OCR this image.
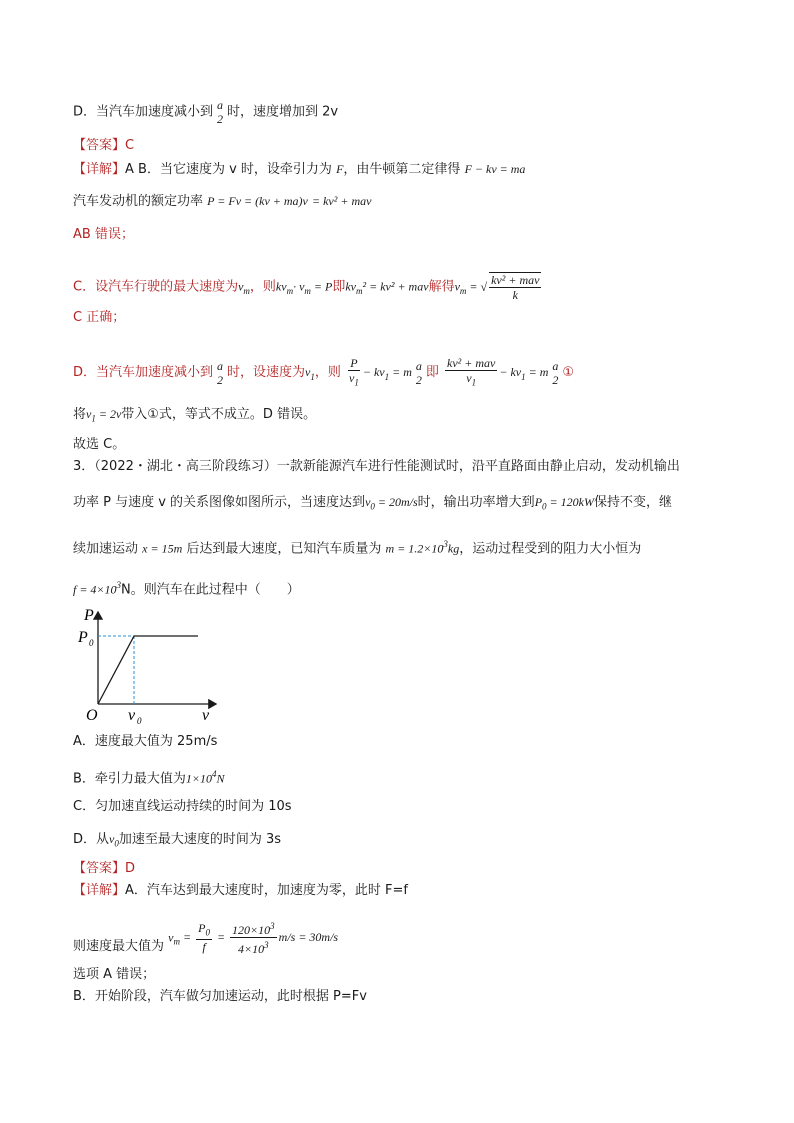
D．当汽车加速度减小到 a
2 时，速度增加到 2v
【答案】C
【详解】A B．当它速度为 v 时，设牵引力为 F，由牛顿第二定律得 F − kv = ma
汽车发动机的额定功率 P = Fv = (kv + ma)v = kv² + mav
AB 错误；
C．设汽车行驶的最大速度为$v_m$，则$kv_m\cdot v_m = P$即$kv_m^2 = kv^2$ + mav解得$v_m$ = √ $\frac{\text{kv² + mav}}{k}$
C 正确；
D．当汽车加速度减小到 a
2 时，设速度为$v_1$，则 $\frac{P}{v_1} - kv_1 = m$ a
2 即 $\frac{\text{kv² + mav}}{v_1} - kv_1 = m$ a
2 ①
将$v_1 = 2v$带入①式，等式不成立。D 错误。
故选 C。
3．（2022・湖北・高三阶段练习）一款新能源汽车进行性能测试时，沿平直路面由静止启动，发动机输出
功率 P 与速度 v 的关系图像如图所示，当速度达到$v_0 = 20m/s$时，输出功率增大到$P_0 = 120kW$保持不变，继
续加速运动 x = 15m 后达到最大速度，已知汽车质量为 $m = 1.2\times 10^3kg$，运动过程受到的阻力大小恒为
$f = 4\times 10^3N$。则汽车在此过程中（　　）
P
v
O
P 0
v 0
A．速度最大值为 25m/s
B．牵引力最大值为$1\times 10^4N$
C．匀加速直线运动持续的时间为 10s
D．从$v_0$加速至最大速度的时间为 3s
【答案】D
【详解】A．汽车达到最大速度时，加速度为零，此时 F=f
则速度最大值为 $v_m = \frac{P_0}{f} = \frac{120\times 10^3}{4\times 10^3} m/s = 30m/s$
选项 A 错误；
B．开始阶段，汽车做匀加速运动，此时根据 P=Fv
